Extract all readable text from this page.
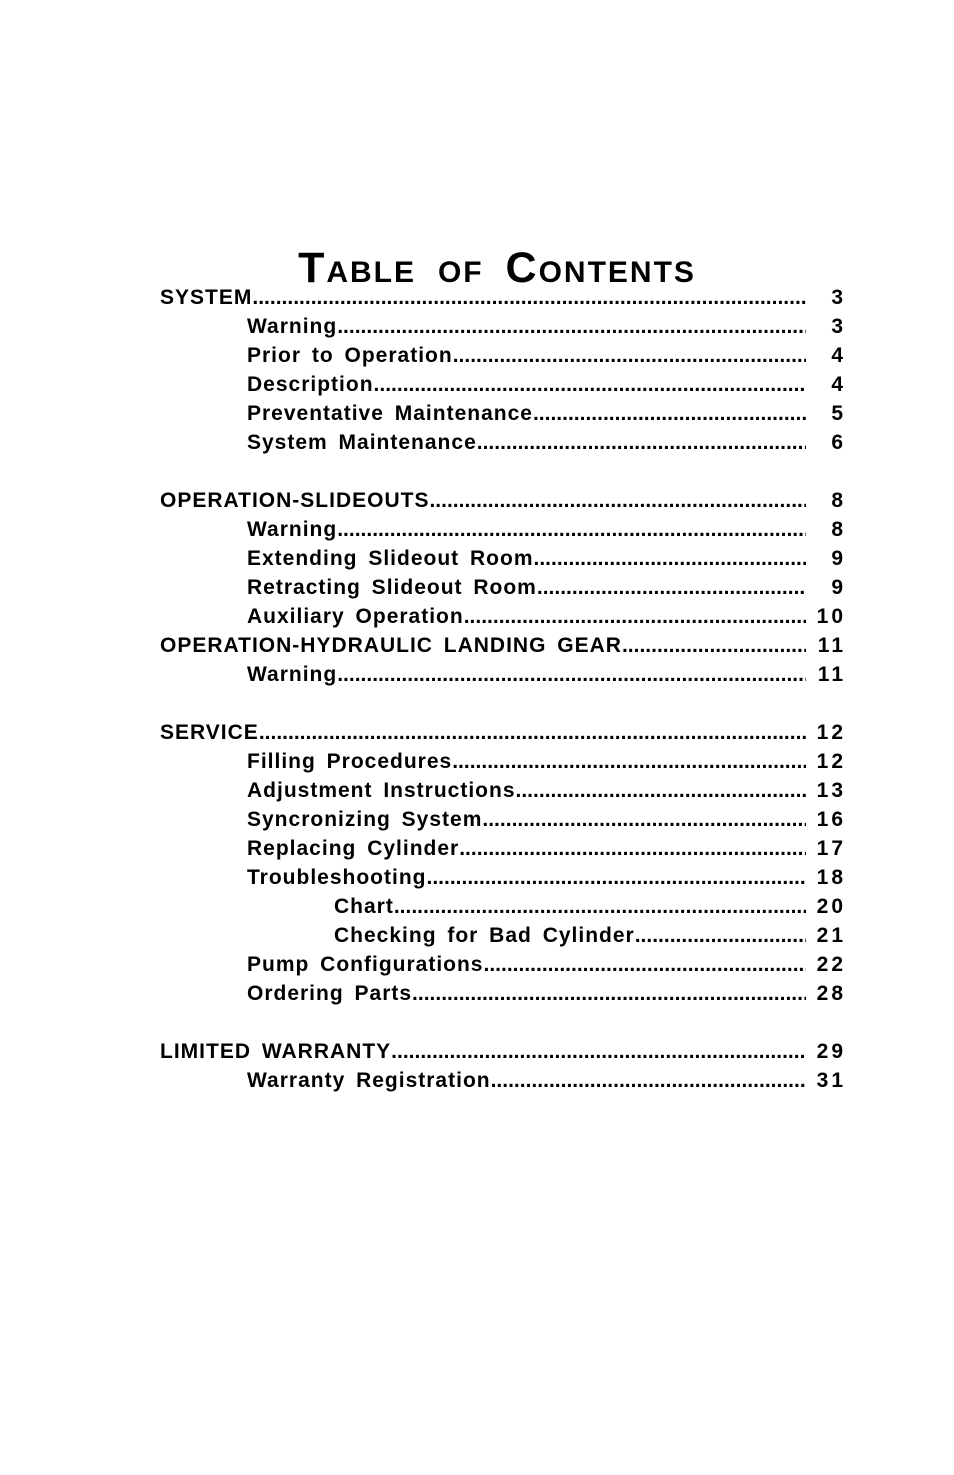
Table of Contents
SYSTEM .....	3
Warning .....	3
Prior to Operation .....	4
Description .....	4
Preventative Maintenance .....	5
System Maintenance .....	6
OPERATION-SLIDEOUTS .....	8
Warning .....	8
Extending Slideout Room .....	9
Retracting Slideout Room .....	9
Auxiliary Operation .....	10
OPERATION-HYDRAULIC LANDING GEAR .....	11
Warning .....	11
SERVICE .....	12
Filling Procedures .....	12
Adjustment Instructions .....	13
Syncronizing System .....	16
Replacing Cylinder .....	17
Troubleshooting .....	18
Chart .....	20
Checking for Bad Cylinder .....	21
Pump Configurations .....	22
Ordering Parts .....	28
LIMITED WARRANTY .....	29
Warranty Registration .....	31
